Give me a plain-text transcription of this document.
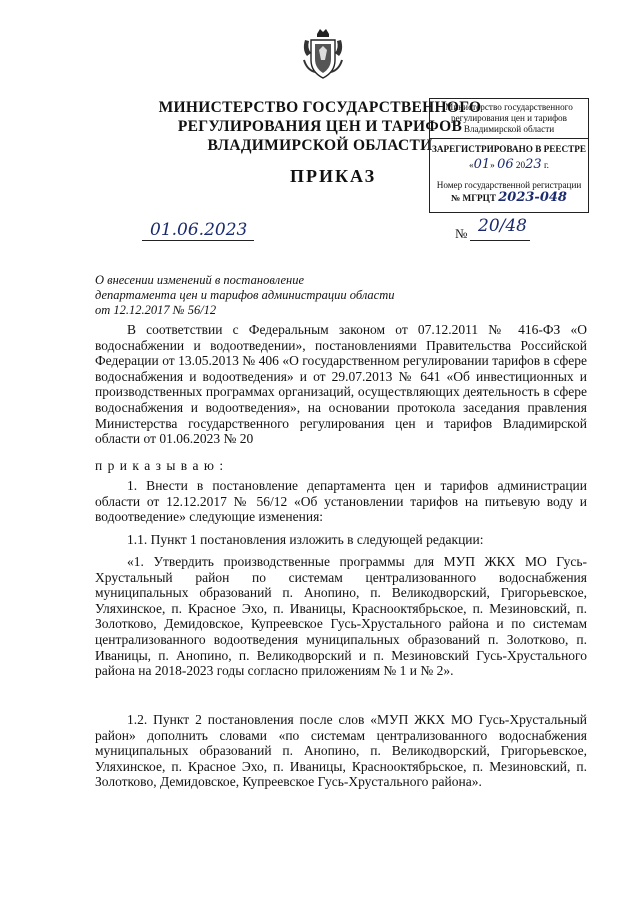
МИНИСТЕРСТВО ГОСУДАРСТВЕННОГО
РЕГУЛИРОВАНИЯ ЦЕН И ТАРИФОВ
ВЛАДИМИРСКОЙ ОБЛАСТИ
Министерство государственного
регулирования цен и тарифов
Владимирской области
ЗАРЕГИСТРИРОВАНО В РЕЕСТРЕ
«01» 06 2023 г.
Номер государственной регистрации
№ МГРЦТ 2023-048
ПРИКАЗ
01.06.2023	№ 20/48
О внесении изменений в постановление
департамента цен и тарифов администрации области
от 12.12.2017 № 56/12
В соответствии с Федеральным законом от 07.12.2011 № 416-ФЗ «О водоснабжении и водоотведении», постановлениями Правительства Российской Федерации от 13.05.2013 № 406 «О государственном регулировании тарифов в сфере водоснабжения и водоотведения» и от 29.07.2013 № 641 «Об инвестиционных и производственных программах организаций, осуществляющих деятельность в сфере водоснабжения и водоотведения», на основании протокола заседания правления Министерства государственного регулирования цен и тарифов Владимирской области от 01.06.2023 № 20
п р и к а з ы в а ю :
1. Внести в постановление департамента цен и тарифов администрации области от 12.12.2017 № 56/12 «Об установлении тарифов на питьевую воду и водоотведение» следующие изменения:
1.1. Пункт 1 постановления изложить в следующей редакции:
«1. Утвердить производственные программы для МУП ЖКХ МО Гусь-Хрустальный район по системам централизованного водоснабжения муниципальных образований п. Анопино, п. Великодворский, Григорьевское, Уляхинское, п. Красное Эхо, п. Иваницы, Краснооктябрьское, п. Мезиновский, п. Золотково, Демидовское, Купреевское Гусь-Хрустального района и по системам централизованного водоотведения муниципальных образований п. Золотково, п. Иваницы, п. Анопино, п. Великодворский и п. Мезиновский Гусь-Хрустального района на 2018-2023 годы согласно приложениям № 1 и № 2».
1.2. Пункт 2 постановления после слов «МУП ЖКХ МО Гусь-Хрустальный район» дополнить словами «по системам централизованного водоснабжения муниципальных образований п. Анопино, п. Великодворский, Григорьевское, Уляхинское, п. Красное Эхо, п. Иваницы, Краснооктябрьское, п. Мезиновский, п. Золотково, Демидовское, Купреевское Гусь-Хрустального района».
